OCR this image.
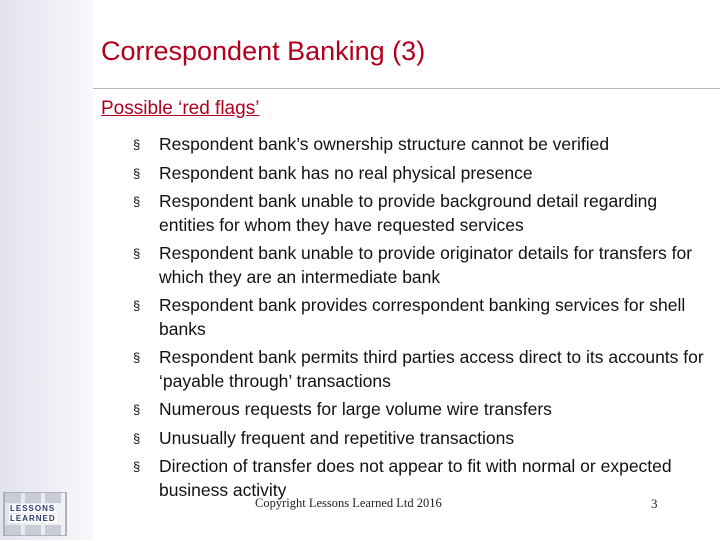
Correspondent Banking (3)
Possible ‘red flags’
§ Respondent bank’s ownership structure cannot be verified
§ Respondent bank has no real physical presence
§ Respondent bank unable to provide background detail regarding entities for whom they have requested services
§ Respondent bank unable to provide originator details for transfers for which they are an intermediate bank
§ Respondent bank provides correspondent banking services for shell banks
§ Respondent bank permits third parties access direct to its accounts for ‘payable through’ transactions
§ Numerous requests for large volume wire transfers
§ Unusually frequent and repetitive transactions
§ Direction of transfer does not appear to fit with normal or expected business activity
LESSONS
LEARNED
Copyright Lessons Learned Ltd 2016	3
